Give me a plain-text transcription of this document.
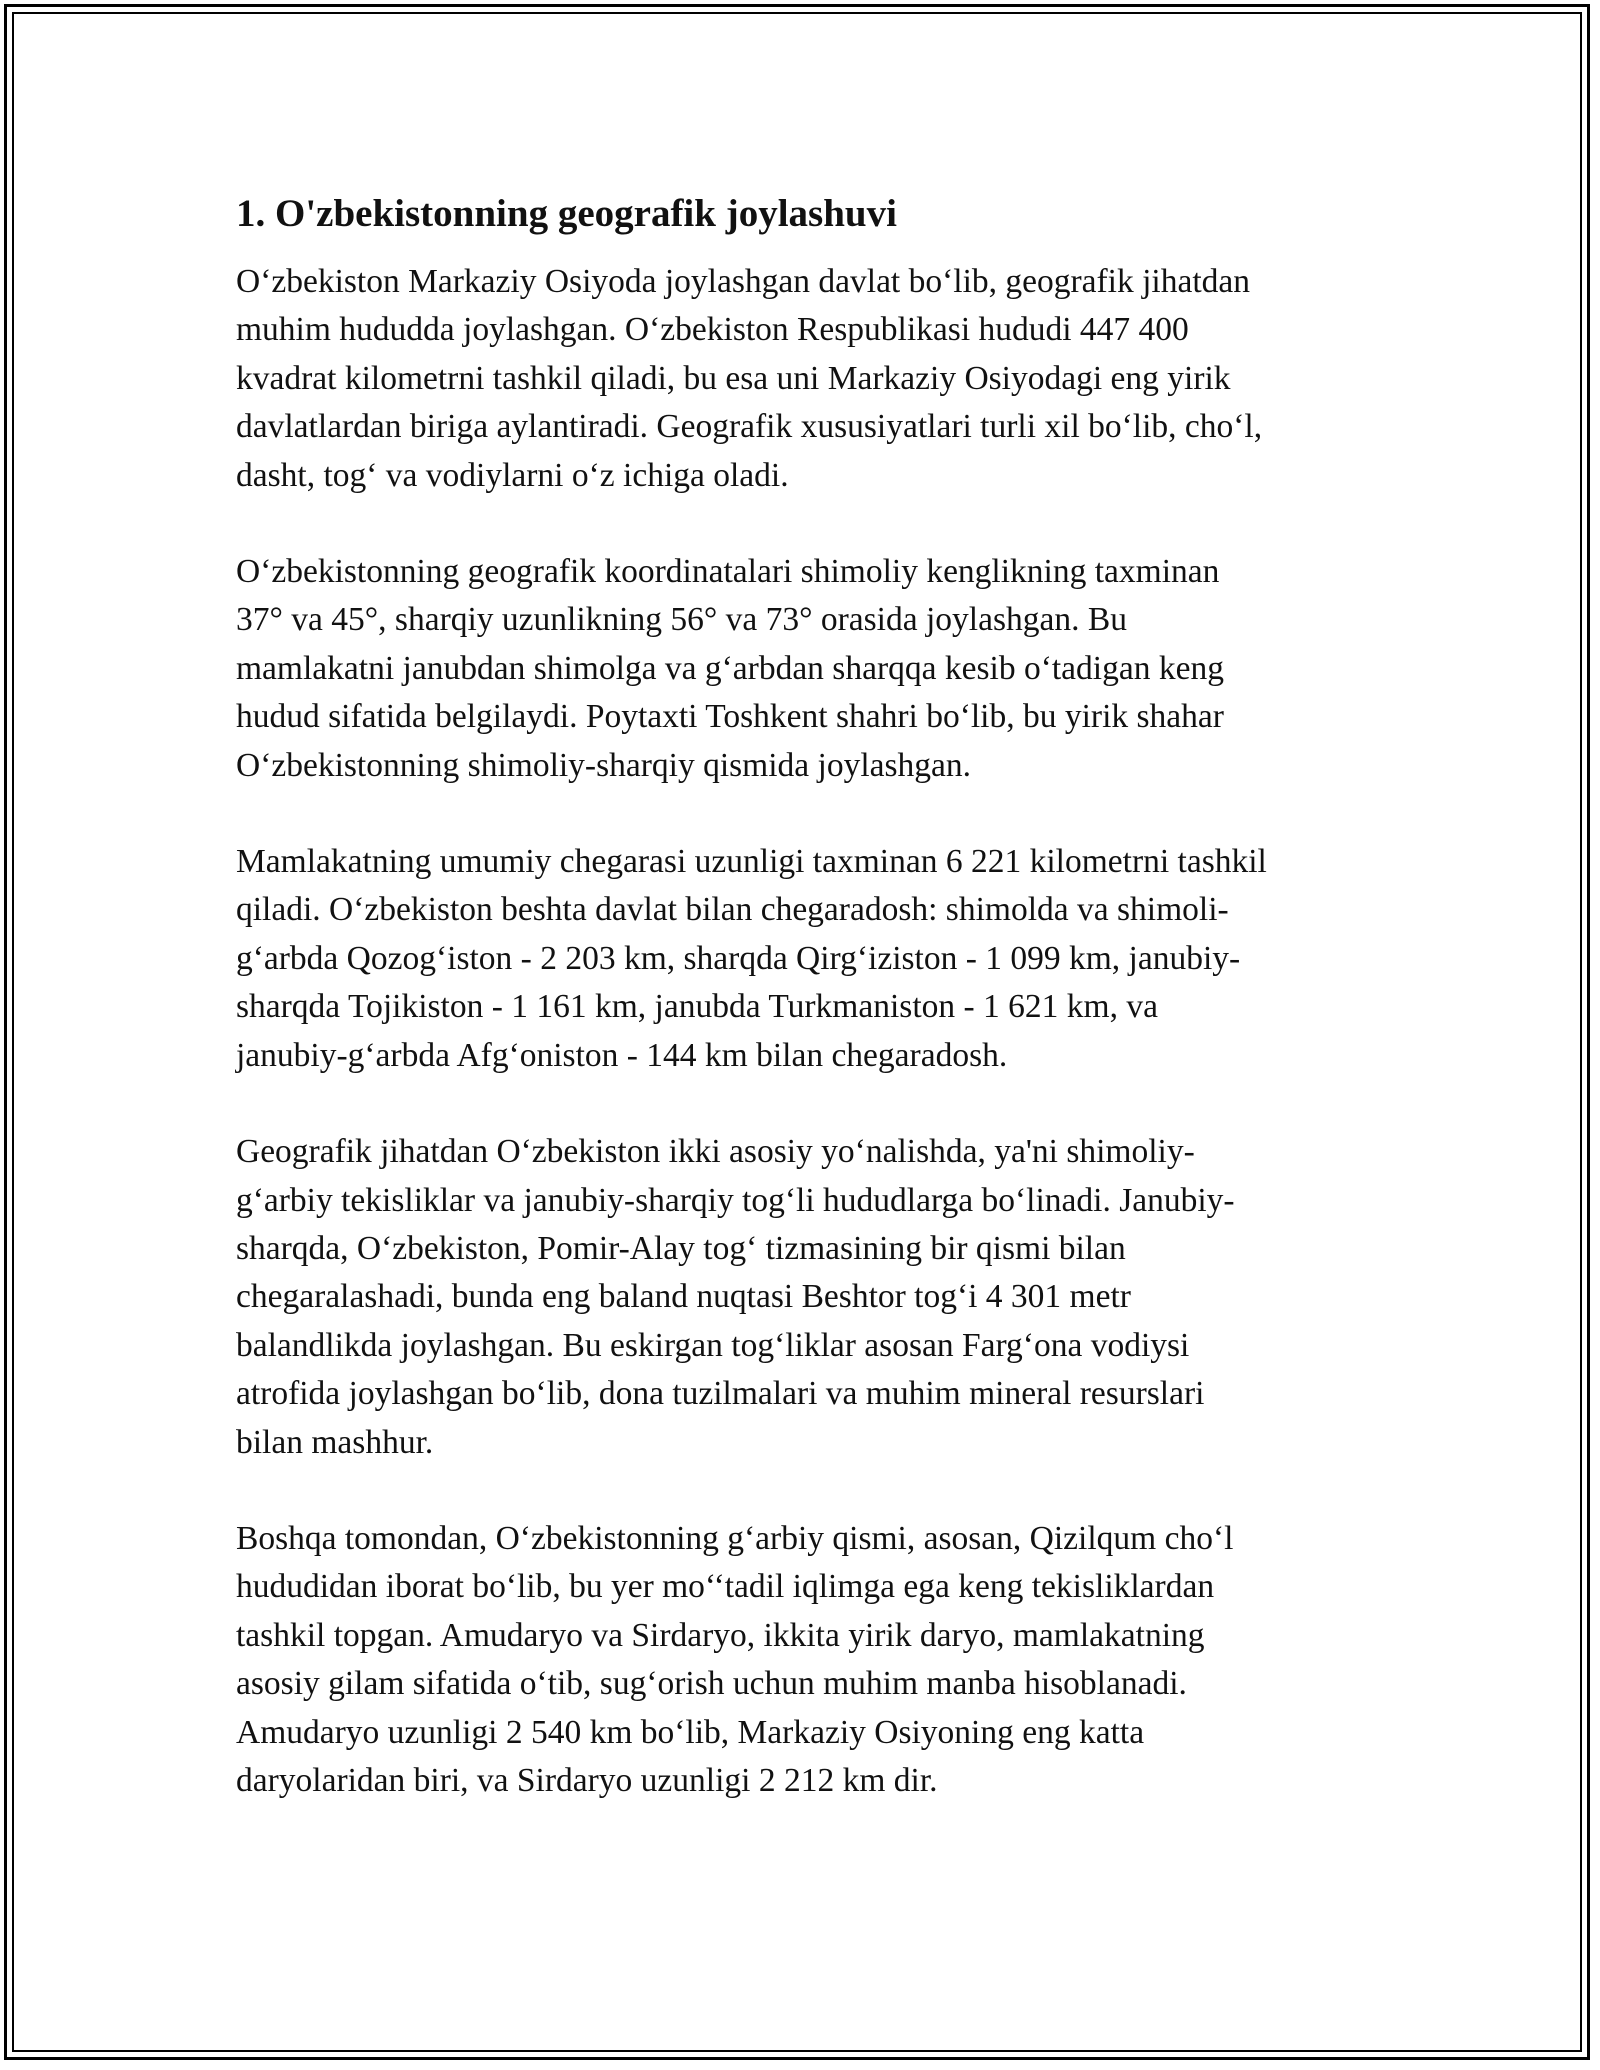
1. O'zbekistonning geografik joylashuvi
O‘zbekiston Markaziy Osiyoda joylashgan davlat bo‘lib, geografik jihatdan
muhim hududda joylashgan. O‘zbekiston Respublikasi hududi 447 400
kvadrat kilometrni tashkil qiladi, bu esa uni Markaziy Osiyodagi eng yirik
davlatlardan biriga aylantiradi. Geografik xususiyatlari turli xil bo‘lib, cho‘l,
dasht, tog‘ va vodiylarni o‘z ichiga oladi.
O‘zbekistonning geografik koordinatalari shimoliy kenglikning taxminan
37° va 45°, sharqiy uzunlikning 56° va 73° orasida joylashgan. Bu
mamlakatni janubdan shimolga va g‘arbdan sharqqa kesib o‘tadigan keng
hudud sifatida belgilaydi. Poytaxti Toshkent shahri bo‘lib, bu yirik shahar
O‘zbekistonning shimoliy-sharqiy qismida joylashgan.
Mamlakatning umumiy chegarasi uzunligi taxminan 6 221 kilometrni tashkil
qiladi. O‘zbekiston beshta davlat bilan chegaradosh: shimolda va shimoli-
g‘arbda Qozog‘iston - 2 203 km, sharqda Qirg‘iziston - 1 099 km, janubiy-
sharqda Tojikiston - 1 161 km, janubda Turkmaniston - 1 621 km, va
janubiy-g‘arbda Afg‘oniston - 144 km bilan chegaradosh.
Geografik jihatdan O‘zbekiston ikki asosiy yo‘nalishda, ya'ni shimoliy-
g‘arbiy tekisliklar va janubiy-sharqiy tog‘li hududlarga bo‘linadi. Janubiy-
sharqda, O‘zbekiston, Pomir-Alay tog‘ tizmasining bir qismi bilan
chegaralashadi, bunda eng baland nuqtasi Beshtor tog‘i 4 301 metr
balandlikda joylashgan. Bu eskirgan tog‘liklar asosan Farg‘ona vodiysi
atrofida joylashgan bo‘lib, dona tuzilmalari va muhim mineral resurslari
bilan mashhur.
Boshqa tomondan, O‘zbekistonning g‘arbiy qismi, asosan, Qizilqum cho‘l
hududidan iborat bo‘lib, bu yer mo‘‘tadil iqlimga ega keng tekisliklardan
tashkil topgan. Amudaryo va Sirdaryo, ikkita yirik daryo, mamlakatning
asosiy gilam sifatida o‘tib, sug‘orish uchun muhim manba hisoblanadi.
Amudaryo uzunligi 2 540 km bo‘lib, Markaziy Osiyoning eng katta
daryolaridan biri, va Sirdaryo uzunligi 2 212 km dir.
